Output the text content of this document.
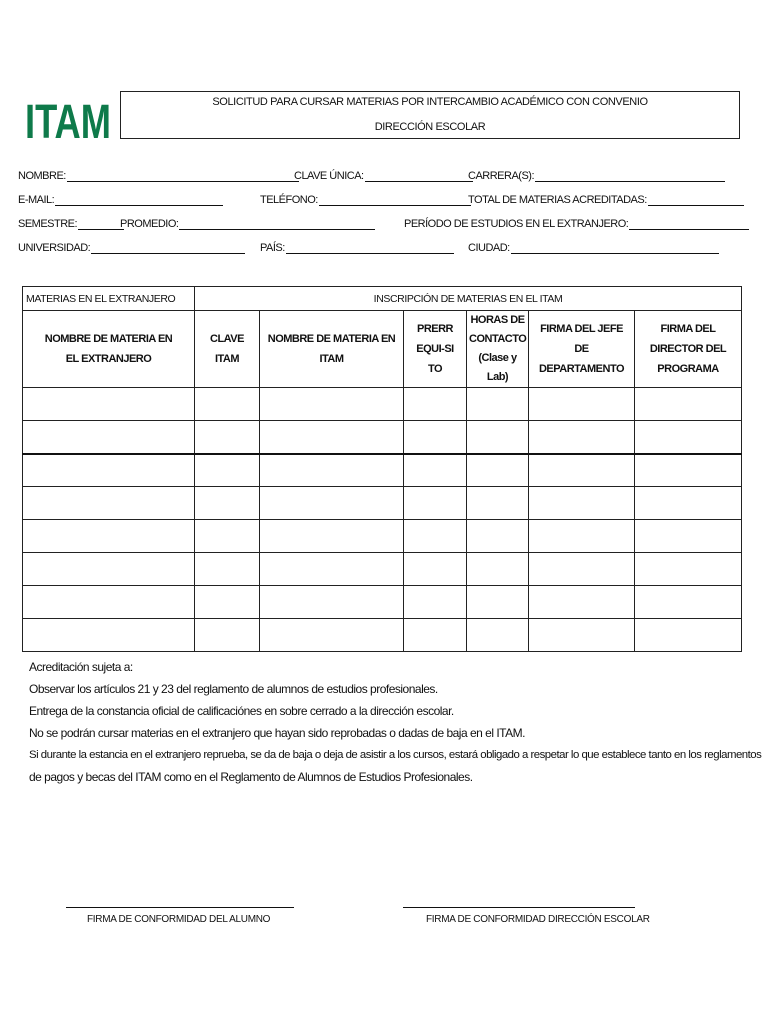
ITAM	SOLICITUD PARA CURSAR MATERIAS POR INTERCAMBIO ACADÉMICO CON CONVENIO
DIRECCIÓN ESCOLAR
NOMBRE:	CLAVE ÚNICA:	CARRERA(S):
E-MAIL:	TELÉFONO:	TOTAL DE MATERIAS ACREDITADAS:
SEMESTRE:	PROMEDIO:	PERÍODO DE ESTUDIOS EN EL EXTRANJERO:
UNIVERSIDAD:	PAÍS:	CIUDAD:
MATERIAS EN EL EXTRANJERO	INSCRIPCIÓN DE MATERIAS EN EL ITAM					

NOMBRE DE MATERIA EN EL EXTRANJERO	CLAVE ITAM	NOMBRE DE MATERIA EN ITAM	PRERREQUI-SITO	HORAS DE CONTACTO (Clase y Lab)	FIRMA DEL JEFE DE DEPARTAMENTO	FIRMA DEL DIRECTOR DEL PROGRAMA

Acreditación sujeta a:
Observar los artículos 21 y 23 del reglamento de alumnos de estudios profesionales.
Entrega de la constancia oficial de calificaciónes en sobre cerrado a la dirección escolar.
No se podrán cursar materias en el extranjero que hayan sido reprobadas o dadas de baja en el ITAM.
Si durante la estancia en el extranjero reprueba, se da de baja o deja de asistir a los cursos, estará obligado a respetar lo que establece tanto en los reglamentos
de pagos y becas del ITAM como en el Reglamento de Alumnos de Estudios Profesionales.
FIRMA DE CONFORMIDAD DEL ALUMNO	FIRMA DE CONFORMIDAD DIRECCIÓN ESCOLAR
